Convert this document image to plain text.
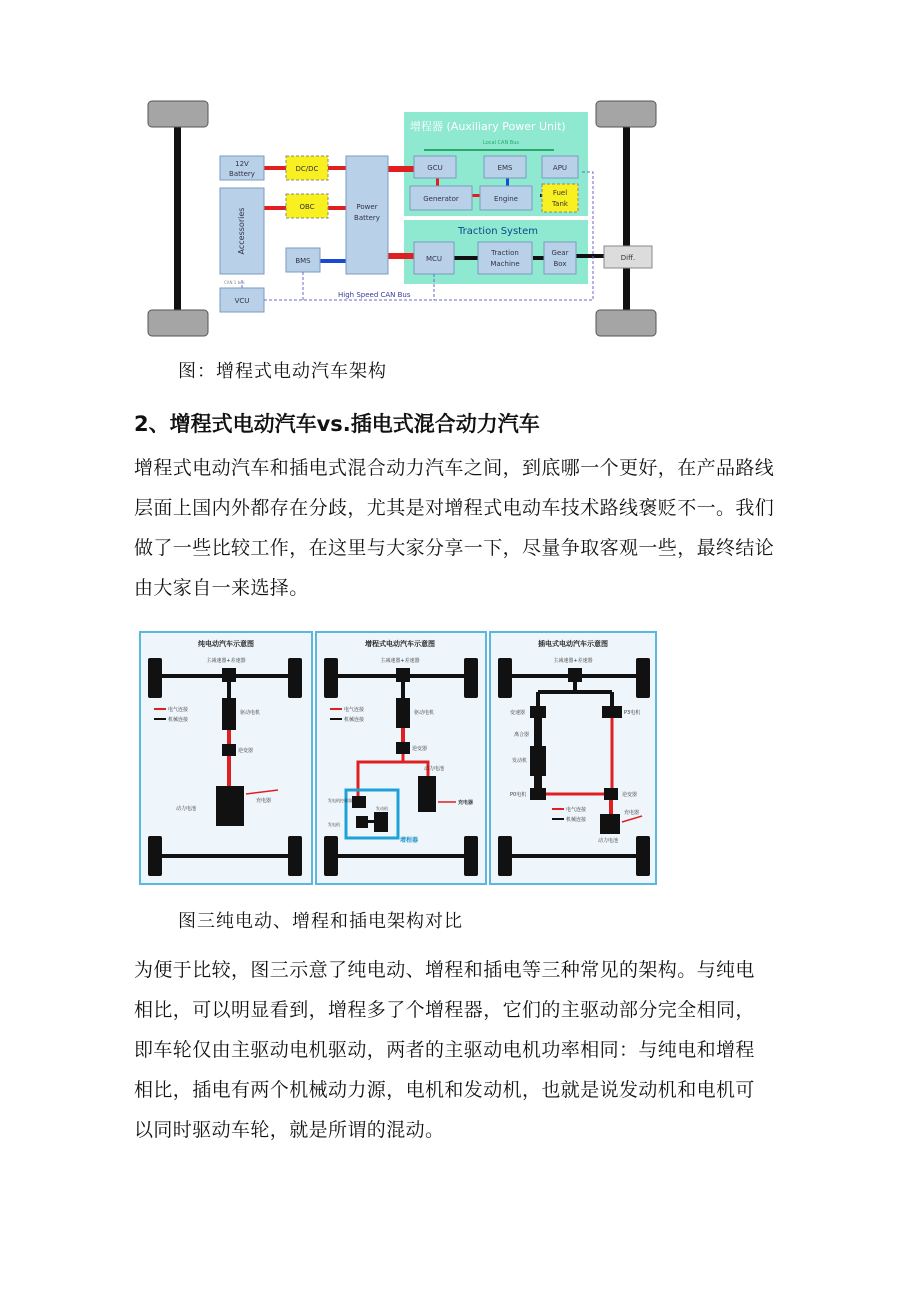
增程器 (Auxiliary Power Unit)
Local CAN Bus
Traction System
12V
Battery
DC/DC
OBC
Accessories
Power
Battery
BMS
CAN 1 bus
VCU
GCU	EMS	APU
Generator	Engine
Fuel
Tank
MCU
Traction
Machine
Gear
Box
Diff.
High Speed CAN Bus
图：增程式电动汽车架构
2、增程式电动汽车vs.插电式混合动力汽车

增程式电动汽车和插电式混合动力汽车之间，到底哪一个更好，在产品路线
层面上国内外都存在分歧，尤其是对增程式电动车技术路线褒贬不一。我们
做了一些比较工作，在这里与大家分享一下，尽量争取客观一些，最终结论
由大家自一来选择。

纯电动汽车示意图
主减速器+差速器
驱动电机
逆变器
动力电池
充电器
电气连接
机械连接
增程式电动汽车示意图
主减速器+差速器
驱动电机
逆变器
动力电池
充电器
发电机控制器
发电机
发动机
增程器
电气连接
机械连接
插电式电动汽车示意图
主减速器+差速器
变速器	P3电机
离合器
发动机
P0电机	逆变器
动力电池
充电器
电气连接
机械连接
图三纯电动、增程和插电架构对比

为便于比较，图三示意了纯电动、增程和插电等三种常见的架构。与纯电
相比，可以明显看到，增程多了个增程器，它们的主驱动部分完全相同，
即车轮仅由主驱动电机驱动，两者的主驱动电机功率相同：与纯电和增程
相比，插电有两个机械动力源，电机和发动机，也就是说发动机和电机可
以同时驱动车轮，就是所谓的混动。
